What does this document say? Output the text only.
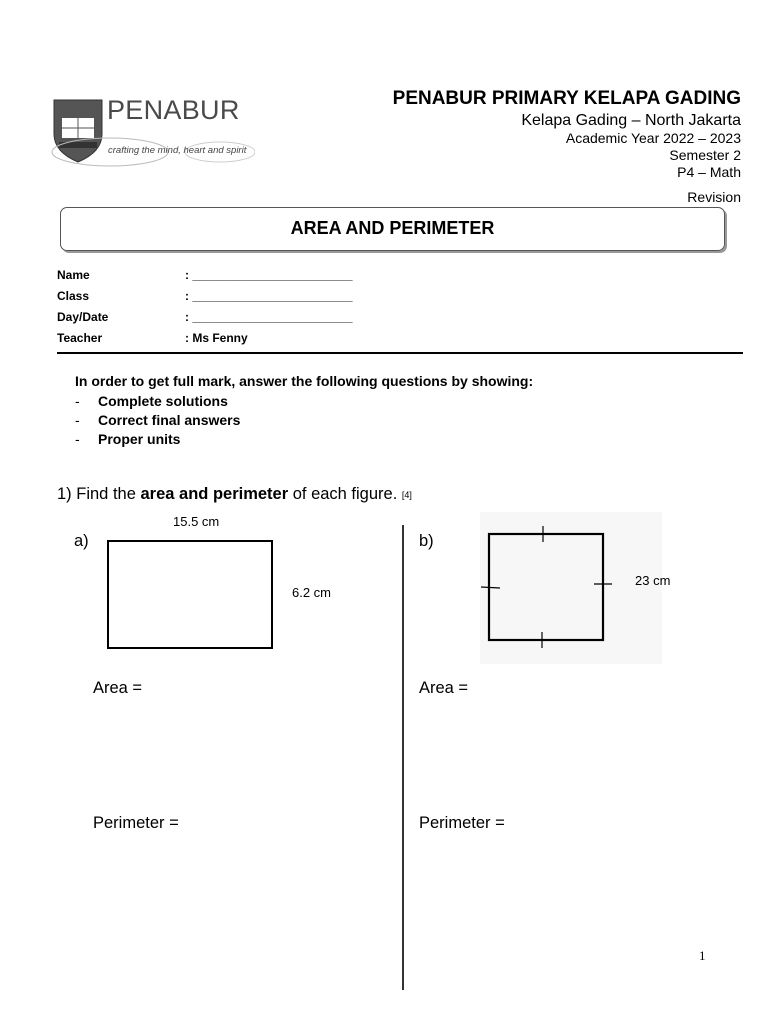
PENABUR
crafting the mind, heart and spirit
PENABUR PRIMARY KELAPA GADING
Kelapa Gading – North Jakarta
Academic Year 2022 – 2023
Semester 2
P4 – Math
Revision
AREA AND PERIMETER
Name	: ________________________
Class	: ________________________
Day/Date	: ________________________
Teacher	: Ms Fenny
In order to get full mark, answer the following questions by showing:
- Complete solutions
- Correct final answers
- Proper units
1) Find the area and perimeter of each figure. [4]
a)
15.5 cm
6.2 cm
b)
23 cm
Area =	Area =
Perimeter =	Perimeter =
1
